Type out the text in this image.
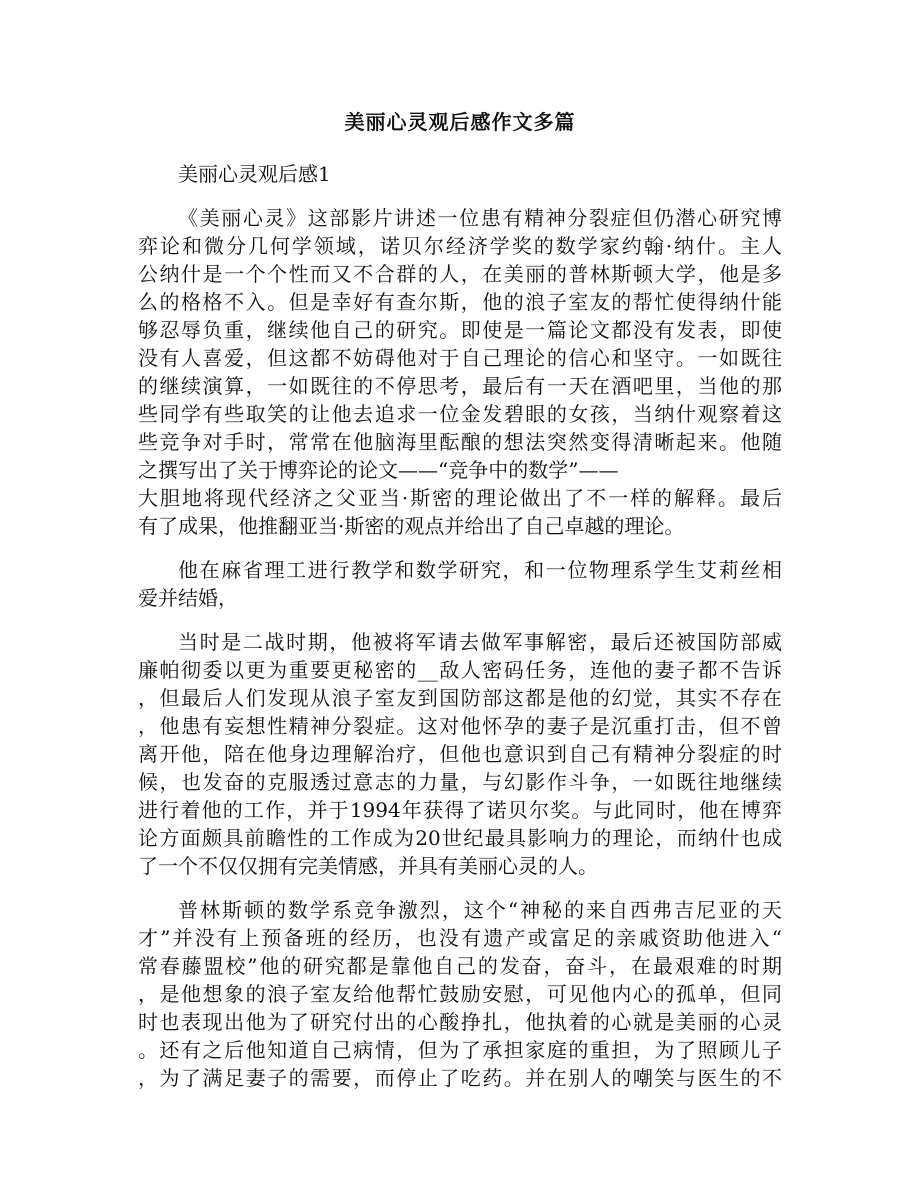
美丽心灵观后感作文多篇
美丽心灵观后感1
《美丽心灵》这部影片讲述一位患有精神分裂症但仍潜心研究博
弈论和微分几何学领域，诺贝尔经济学奖的数学家约翰·纳什。主人
公纳什是一个个性而又不合群的人，在美丽的普林斯顿大学，他是多
么的格格不入。但是幸好有查尔斯，他的浪子室友的帮忙使得纳什能
够忍辱负重，继续他自己的研究。即使是一篇论文都没有发表，即使
没有人喜爱，但这都不妨碍他对于自己理论的信心和坚守。一如既往
的继续演算，一如既往的不停思考，最后有一天在酒吧里，当他的那
些同学有些取笑的让他去追求一位金发碧眼的女孩，当纳什观察着这
些竞争对手时，常常在他脑海里酝酿的想法突然变得清晰起来。他随
之撰写出了关于博弈论的论文——“竞争中的数学”——
大胆地将现代经济之父亚当·斯密的理论做出了不一样的解释。最后
有了成果，他推翻亚当·斯密的观点并给出了自己卓越的理论。
他在麻省理工进行教学和数学研究，和一位物理系学生艾莉丝相
爱并结婚，
当时是二战时期，他被将军请去做军事解密，最后还被国防部威
廉帕彻委以更为重要更秘密的__敌人密码任务，连他的妻子都不告诉
，但最后人们发现从浪子室友到国防部这都是他的幻觉，其实不存在
，他患有妄想性精神分裂症。这对他怀孕的妻子是沉重打击，但不曾
离开他，陪在他身边理解治疗，但他也意识到自己有精神分裂症的时
候，也发奋的克服透过意志的力量，与幻影作斗争，一如既往地继续
进行着他的工作，并于1994年获得了诺贝尔奖。与此同时，他在博弈
论方面颇具前瞻性的工作成为20世纪最具影响力的理论，而纳什也成
了一个不仅仅拥有完美情感，并具有美丽心灵的人。
普林斯顿的数学系竞争激烈，这个“神秘的来自西弗吉尼亚的天
才”并没有上预备班的经历，也没有遗产或富足的亲戚资助他进入“
常春藤盟校”他的研究都是靠他自己的发奋，奋斗，在最艰难的时期
，是他想象的浪子室友给他帮忙鼓励安慰，可见他内心的孤单，但同
时也表现出他为了研究付出的心酸挣扎，他执着的心就是美丽的心灵
。还有之后他知道自己病情，但为了承担家庭的重担，为了照顾儿子
，为了满足妻子的需要，而停止了吃药。并在别人的嘲笑与医生的不
